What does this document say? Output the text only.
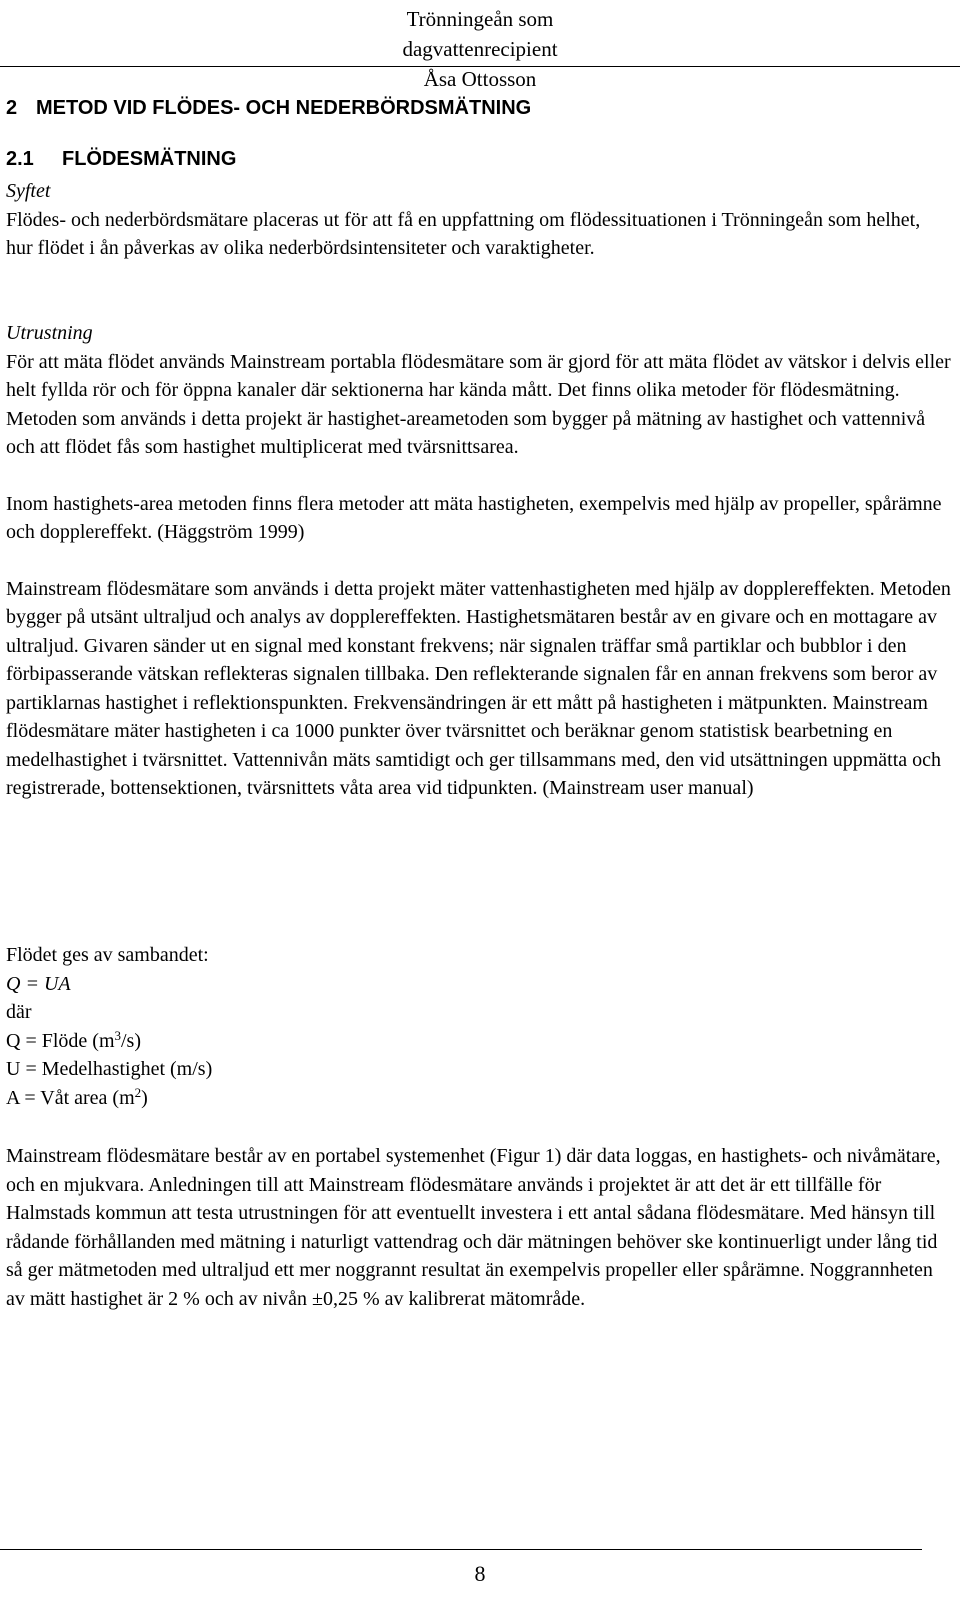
Trönningeån som dagvattenrecipient
Åsa Ottosson
2 METOD VID FLÖDES- OCH NEDERBÖRDSMÄTNING
2.1 FLÖDESMÄTNING

Syftet

Flödes- och nederbördsmätare placeras ut för att få en uppfattning om flödessituationen i Trönningeån som helhet, hur flödet i ån påverkas av olika nederbördsintensiteter och varaktigheter.

Utrustning

För att mäta flödet används Mainstream portabla flödesmätare som är gjord för att mäta flödet av vätskor i delvis eller helt fyllda rör och för öppna kanaler där sektionerna har kända mått. Det finns olika metoder för flödesmätning. Metoden som används i detta projekt är hastighet-areametoden som bygger på mätning av hastighet och vattennivå och att flödet fås som hastighet multiplicerat med tvärsnittsarea.

Inom hastighets-area metoden finns flera metoder att mäta hastigheten, exempelvis med hjälp av propeller, spårämne och dopplereffekt. (Häggström 1999)

Mainstream flödesmätare som används i detta projekt mäter vattenhastigheten med hjälp av dopplereffekten. Metoden bygger på utsänt ultraljud och analys av dopplereffekten. Hastighetsmätaren består av en givare och en mottagare av ultraljud. Givaren sänder ut en signal med konstant frekvens; när signalen träffar små partiklar och bubblor i den förbipasserande vätskan reflekteras signalen tillbaka. Den reflekterande signalen får en annan frekvens som beror av partiklarnas hastighet i reflektionspunkten. Frekvensändringen är ett mått på hastigheten i mätpunkten. Mainstream flödesmätare mäter hastigheten i ca 1000 punkter över tvärsnittet och beräknar genom statistisk bearbetning en medelhastighet i tvärsnittet. Vattennivån mäts samtidigt och ger tillsammans med, den vid utsättningen uppmätta och registrerade, bottensektionen, tvärsnittets våta area vid tidpunkten. (Mainstream user manual)

Flödet ges av sambandet:

Q = UA

där

Q = Flöde $(m^3/s)$

U = Medelhastighet (m/s)

A = Våt area $(m^2)$

Mainstream flödesmätare består av en portabel systemenhet (Figur 1) där data loggas, en hastighets- och nivåmätare, och en mjukvara. Anledningen till att Mainstream flödesmätare används i projektet är att det är ett tillfälle för Halmstads kommun att testa utrustningen för att eventuellt investera i ett antal sådana flödesmätare. Med hänsyn till rådande förhållanden med mätning i naturligt vattendrag och där mätningen behöver ske kontinuerligt under lång tid så ger mätmetoden med ultraljud ett mer noggrannt resultat än exempelvis propeller eller spårämne. Noggrannheten av mätt hastighet är 2 % och av nivån ±0,25 % av kalibrerat mätområde.

8
